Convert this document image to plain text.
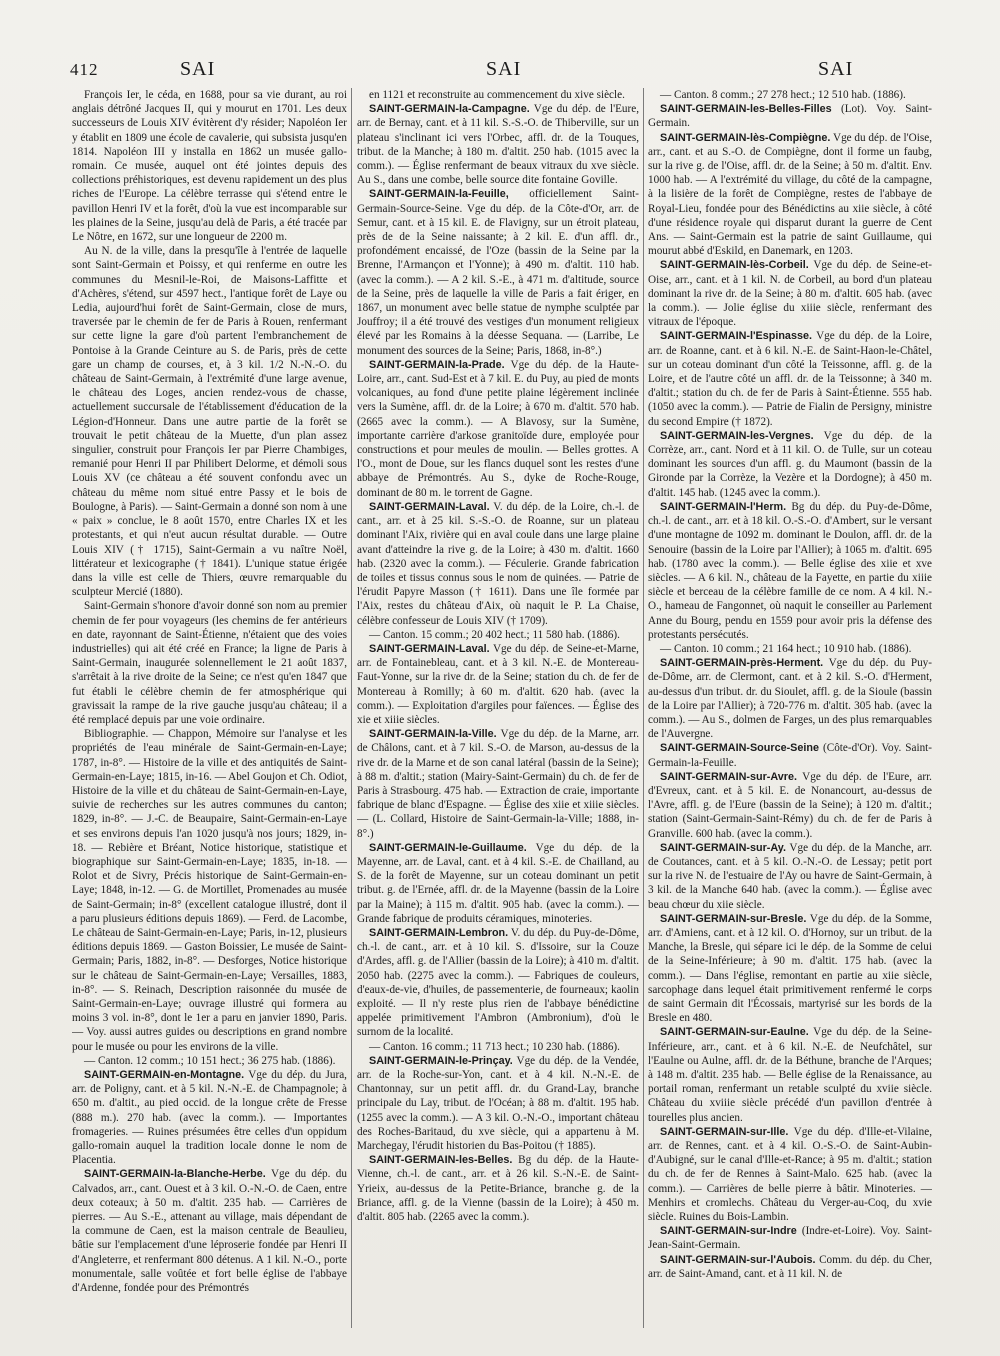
412	SAI	SAI	SAI

François Ier, le céda, en 1688, pour sa vie durant, au roi anglais détrôné Jacques II, qui y mourut en 1701. Les deux successeurs de Louis XIV évitèrent d'y résider; Napoléon Ier y établit en 1809 une école de cavalerie, qui subsista jusqu'en 1814. Napoléon III y installa en 1862 un musée gallo-romain. Ce musée, auquel ont été jointes depuis des collections préhistoriques, est devenu rapidement un des plus riches de l'Europe. La célèbre terrasse qui s'étend entre le pavillon Henri IV et la forêt, d'où la vue est incomparable sur les plaines de la Seine, jusqu'au delà de Paris, a été tracée par Le Nôtre, en 1672, sur une longueur de 2200 m.

Au N. de la ville, dans la presqu'île à l'entrée de laquelle sont Saint-Germain et Poissy, et qui renferme en outre les communes du Mesnil-le-Roi, de Maisons-Laffitte et d'Achères, s'étend, sur 4597 hect., l'antique forêt de Laye ou Ledia, aujourd'hui forêt de Saint-Germain, close de murs, traversée par le chemin de fer de Paris à Rouen, renfermant sur cette ligne la gare d'où partent l'embranchement de Pontoise à la Grande Ceinture au S. de Paris, près de cette gare un champ de courses, et, à 3 kil. 1/2 N.-N.-O. du château de Saint-Germain, à l'extrémité d'une large avenue, le château des Loges, ancien rendez-vous de chasse, actuellement succursale de l'établissement d'éducation de la Légion-d'Honneur. Dans une autre partie de la forêt se trouvait le petit château de la Muette, d'un plan assez singulier, construit pour François Ier par Pierre Chambiges, remanié pour Henri II par Philibert Delorme, et démoli sous Louis XV (ce château a été souvent confondu avec un château du même nom situé entre Passy et le bois de Boulogne, à Paris). — Saint-Germain a donné son nom à une « paix » conclue, le 8 août 1570, entre Charles IX et les protestants, et qui n'eut aucun résultat durable. — Outre Louis XIV († 1715), Saint-Germain a vu naître Noël, littérateur et lexicographe († 1841). L'unique statue érigée dans la ville est celle de Thiers, œuvre remarquable du sculpteur Mercié (1880).

Saint-Germain s'honore d'avoir donné son nom au premier chemin de fer pour voyageurs (les chemins de fer antérieurs en date, rayonnant de Saint-Étienne, n'étaient que des voies industrielles) qui ait été créé en France; la ligne de Paris à Saint-Germain, inaugurée solennellement le 21 août 1837, s'arrêtait à la rive droite de la Seine; ce n'est qu'en 1847 que fut établi le célèbre chemin de fer atmosphérique qui gravissait la rampe de la rive gauche jusqu'au château; il a été remplacé depuis par une voie ordinaire.

Bibliographie. — Chappon, Mémoire sur l'analyse et les propriétés de l'eau minérale de Saint-Germain-en-Laye; 1787, in-8°. — Histoire de la ville et des antiquités de Saint-Germain-en-Laye; 1815, in-16. — Abel Goujon et Ch. Odiot, Histoire de la ville et du château de Saint-Germain-en-Laye, suivie de recherches sur les autres communes du canton; 1829, in-8°. — J.-C. de Beaupaire, Saint-Germain-en-Laye et ses environs depuis l'an 1020 jusqu'à nos jours; 1829, in-18. — Rebière et Bréant, Notice historique, statistique et biographique sur Saint-Germain-en-Laye; 1835, in-18. — Rolot et de Sivry, Précis historique de Saint-Germain-en-Laye; 1848, in-12. — G. de Mortillet, Promenades au musée de Saint-Germain; in-8° (excellent catalogue illustré, dont il a paru plusieurs éditions depuis 1869). — Ferd. de Lacombe, Le château de Saint-Germain-en-Laye; Paris, in-12, plusieurs éditions depuis 1869. — Gaston Boissier, Le musée de Saint-Germain; Paris, 1882, in-8°. — Desforges, Notice historique sur le château de Saint-Germain-en-Laye; Versailles, 1883, in-8°. — S. Reinach, Description raisonnée du musée de Saint-Germain-en-Laye; ouvrage illustré qui formera au moins 3 vol. in-8°, dont le 1er a paru en janvier 1890, Paris. — Voy. aussi autres guides ou descriptions en grand nombre pour le musée ou pour les environs de la ville.

— Canton. 12 comm.; 10 151 hect.; 36 275 hab. (1886).

SAINT-GERMAIN-en-Montagne. Vge du dép. du Jura, arr. de Poligny, cant. et à 5 kil. N.-N.-E. de Champagnole; à 650 m. d'altit., au pied occid. de la longue crête de Fresse (888 m.). 270 hab. (avec la comm.). — Importantes fromageries. — Ruines présumées être celles d'un oppidum gallo-romain auquel la tradition locale donne le nom de Placentia.

SAINT-GERMAIN-la-Blanche-Herbe. Vge du dép. du Calvados, arr., cant. Ouest et à 3 kil. O.-N.-O. de Caen, entre deux coteaux; à 50 m. d'altit. 235 hab. — Carrières de pierres. — Au S.-E., attenant au village, mais dépendant de la commune de Caen, est la maison centrale de Beaulieu, bâtie sur l'emplacement d'une léproserie fondée par Henri II d'Angleterre, et renfermant 800 détenus. A 1 kil. N.-O., porte monumentale, salle voûtée et fort belle église de l'abbaye d'Ardenne, fondée pour des Prémontrés

en 1121 et reconstruite au commencement du xive siècle.

SAINT-GERMAIN-la-Campagne. Vge du dép. de l'Eure, arr. de Bernay, cant. et à 11 kil. S.-S.-O. de Thiberville, sur un plateau s'inclinant ici vers l'Orbec, affl. dr. de la Touques, tribut. de la Manche; à 180 m. d'altit. 250 hab. (1015 avec la comm.). — Église renfermant de beaux vitraux du xve siècle. Au S., dans une combe, belle source dite fontaine Goville.

SAINT-GERMAIN-la-Feuille, officiellement Saint-Germain-Source-Seine. Vge du dép. de la Côte-d'Or, arr. de Semur, cant. et à 15 kil. E. de Flavigny, sur un étroit plateau, près de de la Seine naissante; à 2 kil. E. d'un affl. dr., profondément encaissé, de l'Oze (bassin de la Seine par la Brenne, l'Armançon et l'Yonne); à 490 m. d'altit. 110 hab. (avec la comm.). — A 2 kil. S.-E., à 471 m. d'altitude, source de la Seine, près de laquelle la ville de Paris a fait ériger, en 1867, un monument avec belle statue de nymphe sculptée par Jouffroy; il a été trouvé des vestiges d'un monument religieux élevé par les Romains à la déesse Sequana. — (Larribe, Le monument des sources de la Seine; Paris, 1868, in-8°.)

SAINT-GERMAIN-la-Prade. Vge du dép. de la Haute-Loire, arr., cant. Sud-Est et à 7 kil. E. du Puy, au pied de monts volcaniques, au fond d'une petite plaine légèrement inclinée vers la Sumène, affl. dr. de la Loire; à 670 m. d'altit. 570 hab. (2665 avec la comm.). — A Blavosy, sur la Sumène, importante carrière d'arkose granitoïde dure, employée pour constructions et pour meules de moulin. — Belles grottes. A l'O., mont de Doue, sur les flancs duquel sont les restes d'une abbaye de Prémontrés. Au S., dyke de Roche-Rouge, dominant de 80 m. le torrent de Gagne.

SAINT-GERMAIN-Laval. V. du dép. de la Loire, ch.-l. de cant., arr. et à 25 kil. S.-S.-O. de Roanne, sur un plateau dominant l'Aix, rivière qui en aval coule dans une large plaine avant d'atteindre la rive g. de la Loire; à 430 m. d'altit. 1660 hab. (2320 avec la comm.). — Féculerie. Grande fabrication de toiles et tissus connus sous le nom de quinées. — Patrie de l'érudit Papyre Masson († 1611). Dans une île formée par l'Aix, restes du château d'Aix, où naquit le P. La Chaise, célèbre confesseur de Louis XIV († 1709).

— Canton. 15 comm.; 20 402 hect.; 11 580 hab. (1886).

SAINT-GERMAIN-Laval. Vge du dép. de Seine-et-Marne, arr. de Fontainebleau, cant. et à 3 kil. N.-E. de Montereau-Faut-Yonne, sur la rive dr. de la Seine; station du ch. de fer de Montereau à Romilly; à 60 m. d'altit. 620 hab. (avec la comm.). — Exploitation d'argiles pour faïences. — Église des xie et xiiie siècles.

SAINT-GERMAIN-la-Ville. Vge du dép. de la Marne, arr. de Châlons, cant. et à 7 kil. S.-O. de Marson, au-dessus de la rive dr. de la Marne et de son canal latéral (bassin de la Seine); à 88 m. d'altit.; station (Mairy-Saint-Germain) du ch. de fer de Paris à Strasbourg. 475 hab. — Extraction de craie, importante fabrique de blanc d'Espagne. — Église des xiie et xiiie siècles. — (L. Collard, Histoire de Saint-Germain-la-Ville; 1888, in-8°.)

SAINT-GERMAIN-le-Guillaume. Vge du dép. de la Mayenne, arr. de Laval, cant. et à 4 kil. S.-E. de Chailland, au S. de la forêt de Mayenne, sur un coteau dominant un petit tribut. g. de l'Ernée, affl. dr. de la Mayenne (bassin de la Loire par la Maine); à 115 m. d'altit. 905 hab. (avec la comm.). — Grande fabrique de produits céramiques, minoteries.

SAINT-GERMAIN-Lembron. V. du dép. du Puy-de-Dôme, ch.-l. de cant., arr. et à 10 kil. S. d'Issoire, sur la Couze d'Ardes, affl. g. de l'Allier (bassin de la Loire); à 410 m. d'altit. 2050 hab. (2275 avec la comm.). — Fabriques de couleurs, d'eaux-de-vie, d'huiles, de passementerie, de fourneaux; kaolin exploité. — Il n'y reste plus rien de l'abbaye bénédictine appelée primitivement l'Ambron (Ambronium), d'où le surnom de la localité.

— Canton. 16 comm.; 11 713 hect.; 10 230 hab. (1886).

SAINT-GERMAIN-le-Prinçay. Vge du dép. de la Vendée, arr. de la Roche-sur-Yon, cant. et à 4 kil. N.-N.-E. de Chantonnay, sur un petit affl. dr. du Grand-Lay, branche principale du Lay, tribut. de l'Océan; à 88 m. d'altit. 195 hab. (1255 avec la comm.). — A 3 kil. O.-N.-O., important château des Roches-Baritaud, du xve siècle, qui a appartenu à M. Marchegay, l'érudit historien du Bas-Poitou († 1885).

SAINT-GERMAIN-les-Belles. Bg du dép. de la Haute-Vienne, ch.-l. de cant., arr. et à 26 kil. S.-N.-E. de Saint-Yrieix, au-dessus de la Petite-Briance, branche g. de la Briance, affl. g. de la Vienne (bassin de la Loire); à 450 m. d'altit. 805 hab. (2265 avec la comm.).

— Canton. 8 comm.; 27 278 hect.; 12 510 hab. (1886).

SAINT-GERMAIN-les-Belles-Filles (Lot). Voy. Saint-Germain.

SAINT-GERMAIN-lès-Compiègne. Vge du dép. de l'Oise, arr., cant. et au S.-O. de Compiègne, dont il forme un faubg, sur la rive g. de l'Oise, affl. dr. de la Seine; à 50 m. d'altit. Env. 1000 hab. — A l'extrémité du village, du côté de la campagne, à la lisière de la forêt de Compiègne, restes de l'abbaye de Royal-Lieu, fondée pour des Bénédictins au xiie siècle, à côté d'une résidence royale qui disparut durant la guerre de Cent Ans. — Saint-Germain est la patrie de saint Guillaume, qui mourut abbé d'Eskild, en Danemark, en 1203.

SAINT-GERMAIN-lès-Corbeil. Vge du dép. de Seine-et-Oise, arr., cant. et à 1 kil. N. de Corbeil, au bord d'un plateau dominant la rive dr. de la Seine; à 80 m. d'altit. 605 hab. (avec la comm.). — Jolie église du xiiie siècle, renfermant des vitraux de l'époque.

SAINT-GERMAIN-l'Espinasse. Vge du dép. de la Loire, arr. de Roanne, cant. et à 6 kil. N.-E. de Saint-Haon-le-Châtel, sur un coteau dominant d'un côté la Teissonne, affl. g. de la Loire, et de l'autre côté un affl. dr. de la Teissonne; à 340 m. d'altit.; station du ch. de fer de Paris à Saint-Étienne. 555 hab. (1050 avec la comm.). — Patrie de Fialin de Persigny, ministre du second Empire († 1872).

SAINT-GERMAIN-les-Vergnes. Vge du dép. de la Corrèze, arr., cant. Nord et à 11 kil. O. de Tulle, sur un coteau dominant les sources d'un affl. g. du Maumont (bassin de la Gironde par la Corrèze, la Vezère et la Dordogne); à 450 m. d'altit. 145 hab. (1245 avec la comm.).

SAINT-GERMAIN-l'Herm. Bg du dép. du Puy-de-Dôme, ch.-l. de cant., arr. et à 18 kil. O.-S.-O. d'Ambert, sur le versant d'une montagne de 1092 m. dominant le Doulon, affl. dr. de la Senouire (bassin de la Loire par l'Allier); à 1065 m. d'altit. 695 hab. (1780 avec la comm.). — Belle église des xiie et xve siècles. — A 6 kil. N., château de la Fayette, en partie du xiiie siècle et berceau de la célèbre famille de ce nom. A 4 kil. N.-O., hameau de Fangonnet, où naquit le conseiller au Parlement Anne du Bourg, pendu en 1559 pour avoir pris la défense des protestants persécutés.

— Canton. 10 comm.; 21 164 hect.; 10 910 hab. (1886).

SAINT-GERMAIN-près-Herment. Vge du dép. du Puy-de-Dôme, arr. de Clermont, cant. et à 2 kil. S.-O. d'Herment, au-dessus d'un tribut. dr. du Sioulet, affl. g. de la Sioule (bassin de la Loire par l'Allier); à 720-776 m. d'altit. 305 hab. (avec la comm.). — Au S., dolmen de Farges, un des plus remarquables de l'Auvergne.

SAINT-GERMAIN-Source-Seine (Côte-d'Or). Voy. Saint-Germain-la-Feuille.

SAINT-GERMAIN-sur-Avre. Vge du dép. de l'Eure, arr. d'Evreux, cant. et à 5 kil. E. de Nonancourt, au-dessus de l'Avre, affl. g. de l'Eure (bassin de la Seine); à 120 m. d'altit.; station (Saint-Germain-Saint-Rémy) du ch. de fer de Paris à Granville. 600 hab. (avec la comm.).

SAINT-GERMAIN-sur-Ay. Vge du dép. de la Manche, arr. de Coutances, cant. et à 5 kil. O.-N.-O. de Lessay; petit port sur la rive N. de l'estuaire de l'Ay ou havre de Saint-Germain, à 3 kil. de la Manche 640 hab. (avec la comm.). — Église avec beau chœur du xiie siècle.

SAINT-GERMAIN-sur-Bresle. Vge du dép. de la Somme, arr. d'Amiens, cant. et à 12 kil. O. d'Hornoy, sur un tribut. de la Manche, la Bresle, qui sépare ici le dép. de la Somme de celui de la Seine-Inférieure; à 90 m. d'altit. 175 hab. (avec la comm.). — Dans l'église, remontant en partie au xiie siècle, sarcophage dans lequel était primitivement renfermé le corps de saint Germain dit l'Écossais, martyrisé sur les bords de la Bresle en 480.

SAINT-GERMAIN-sur-Eaulne. Vge du dép. de la Seine-Inférieure, arr., cant. et à 6 kil. N.-E. de Neufchâtel, sur l'Eaulne ou Aulne, affl. dr. de la Béthune, branche de l'Arques; à 148 m. d'altit. 235 hab. — Belle église de la Renaissance, au portail roman, renfermant un retable sculpté du xviie siècle. Château du xviiie siècle précédé d'un pavillon d'entrée à tourelles plus ancien.

SAINT-GERMAIN-sur-Ille. Vge du dép. d'Ille-et-Vilaine, arr. de Rennes, cant. et à 4 kil. O.-S.-O. de Saint-Aubin-d'Aubigné, sur le canal d'Ille-et-Rance; à 95 m. d'altit.; station du ch. de fer de Rennes à Saint-Malo. 625 hab. (avec la comm.). — Carrières de belle pierre à bâtir. Minoteries. — Menhirs et cromlechs. Château du Verger-au-Coq, du xvie siècle. Ruines du Bois-Lambin.

SAINT-GERMAIN-sur-Indre (Indre-et-Loire). Voy. Saint-Jean-Saint-Germain.

SAINT-GERMAIN-sur-l'Aubois. Comm. du dép. du Cher, arr. de Saint-Amand, cant. et à 11 kil. N. de
